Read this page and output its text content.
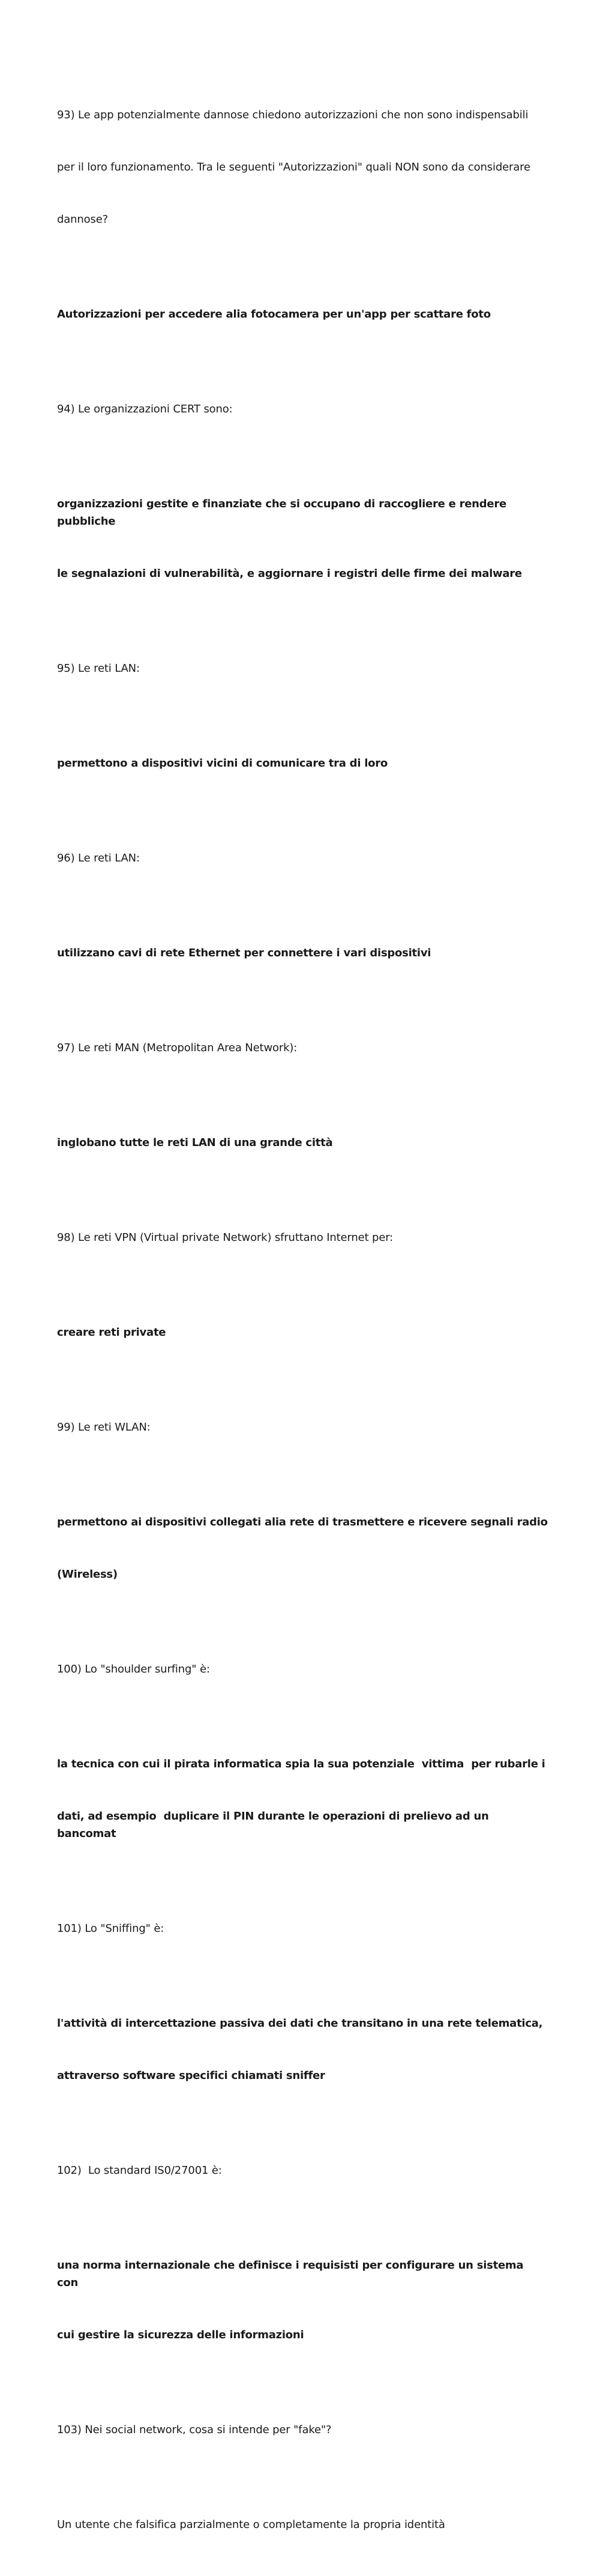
93) Le app potenzialmente dannose chiedono autorizzazioni che non sono indispensabili

per il loro funzionamento. Tra le seguenti "Autorizzazioni" quali NON sono da considerare

dannose?

Autorizzazioni per accedere alia fotocamera per un'app per scattare foto

94) Le organizzazioni CERT sono:

organizzazioni gestite e finanziate che si occupano di raccogliere e rendere pubbliche

le segnalazioni di vulnerabilità, e aggiornare i registri delle firme dei malware

95) Le reti LAN:

permettono a dispositivi vicini di comunicare tra di loro

96) Le reti LAN:

utilizzano cavi di rete Ethernet per connettere i vari dispositivi

97) Le reti MAN (Metropolitan Area Network):

inglobano tutte le reti LAN di una grande città

98) Le reti VPN (Virtual private Network) sfruttano Internet per:

creare reti private

99) Le reti WLAN:

permettono ai dispositivi collegati alia rete di trasmettere e ricevere segnali radio

(Wireless)

100) Lo "shoulder surfing" è:

la tecnica con cui il pirata informatica spia la sua potenziale  vittima  per rubarle i

dati, ad esempio  duplicare il PIN durante le operazioni di prelievo ad un bancomat

101) Lo "Sniffing" è:

l'attività di intercettazione passiva dei dati che transitano in una rete telematica,

attraverso software specifici chiamati sniffer

102)  Lo standard IS0/27001 è:

una norma internazionale che definisce i requisisti per configurare un sistema  con

cui gestire la sicurezza delle informazioni

103) Nei social network, cosa si intende per "fake"?

Un utente che falsifica parzialmente o completamente la propria identità
